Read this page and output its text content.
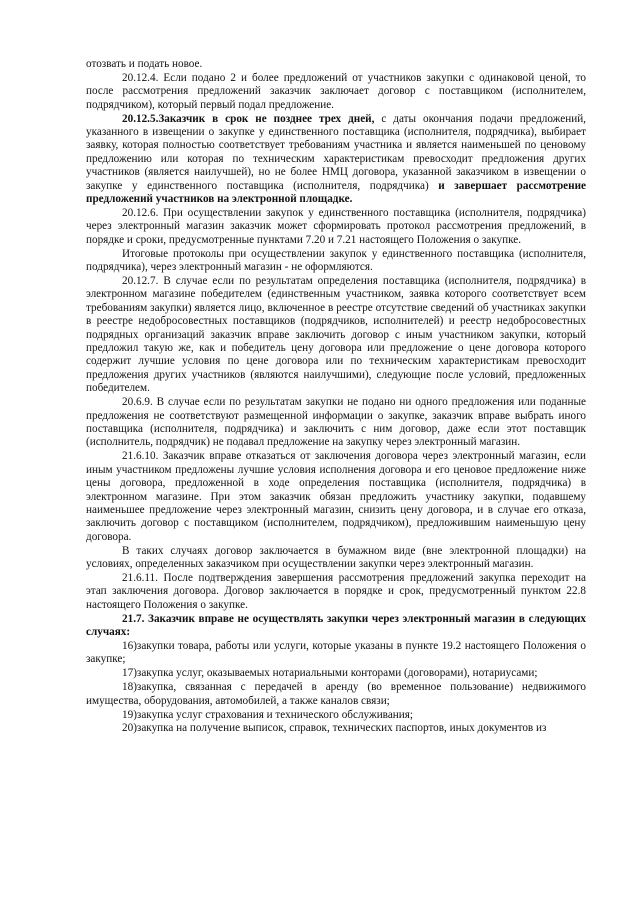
отозвать и подать новое.

20.12.4. Если подано 2 и более предложений от участников закупки с одинаковой ценой, то после рассмотрения предложений заказчик заключает договор с поставщиком (исполнителем, подрядчиком), который первый подал предложение.

20.12.5.Заказчик в срок не позднее трех дней, с даты окончания подачи предложений, указанного в извещении о закупке у единственного поставщика (исполнителя, подрядчика), выбирает заявку, которая полностью соответствует требованиям участника и является наименьшей по ценовому предложению или которая по техническим характеристикам превосходит предложения других участников (является наилучшей), но не более НМЦ договора, указанной заказчиком в извещении о закупке у единственного поставщика (исполнителя, подрядчика) и завершает рассмотрение предложений участников на электронной площадке.

20.12.6. При осуществлении закупок у единственного поставщика (исполнителя, подрядчика) через электронный магазин заказчик может сформировать протокол рассмотрения предложений, в порядке и сроки, предусмотренные пунктами 7.20 и 7.21 настоящего Положения о закупке.

Итоговые протоколы при осуществлении закупок у единственного поставщика (исполнителя, подрядчика), через электронный магазин - не оформляются.

20.12.7. В случае если по результатам определения поставщика (исполнителя, подрядчика) в электронном магазине победителем (единственным участником, заявка которого соответствует всем требованиям закупки) является лицо, включенное в реестре отсутствие сведений об участниках закупки в реестре недобросовестных поставщиков (подрядчиков, исполнителей) и реестр недобросовестных подрядных организаций заказчик вправе заключить договор с иным участником закупки, который предложил такую же, как и победитель цену договора или предложение о цене договора которого содержит лучшие условия по цене договора или по техническим характеристикам превосходит предложения других участников (являются наилучшими), следующие после условий, предложенных победителем.

20.6.9. В случае если по результатам закупки не подано ни одного предложения или поданные предложения не соответствуют размещенной информации о закупке, заказчик вправе выбрать иного поставщика (исполнителя, подрядчика) и заключить с ним договор, даже если этот поставщик (исполнитель, подрядчик) не подавал предложение на закупку через электронный магазин.

21.6.10. Заказчик вправе отказаться от заключения договора через электронный магазин, если иным участником предложены лучшие условия исполнения договора и его ценовое предложение ниже цены договора, предложенной в ходе определения поставщика (исполнителя, подрядчика) в электронном магазине. При этом заказчик обязан предложить участнику закупки, подавшему наименьшее предложение через электронный магазин, снизить цену договора, и в случае его отказа, заключить договор с поставщиком (исполнителем, подрядчиком), предложившим наименьшую цену договора.

В таких случаях договор заключается в бумажном виде (вне электронной площадки) на условиях, определенных заказчиком при осуществлении закупки через электронный магазин.

21.6.11. После подтверждения завершения рассмотрения предложений закупка переходит на этап заключения договора. Договор заключается в порядке и срок, предусмотренный пунктом 22.8 настоящего Положения о закупке.

21.7. Заказчик вправе не осуществлять закупки через электронный магазин в следующих случаях:

16)закупки товара, работы или услуги, которые указаны в пункте 19.2 настоящего Положения о закупке;

17)закупка услуг, оказываемых нотариальными конторами (договорами), нотариусами;

18)закупка, связанная с передачей в аренду (во временное пользование) недвижимого имущества, оборудования, автомобилей, а также каналов связи;

19)закупка услуг страхования и технического обслуживания;

20)закупка на получение выписок, справок, технических паспортов, иных документов из
